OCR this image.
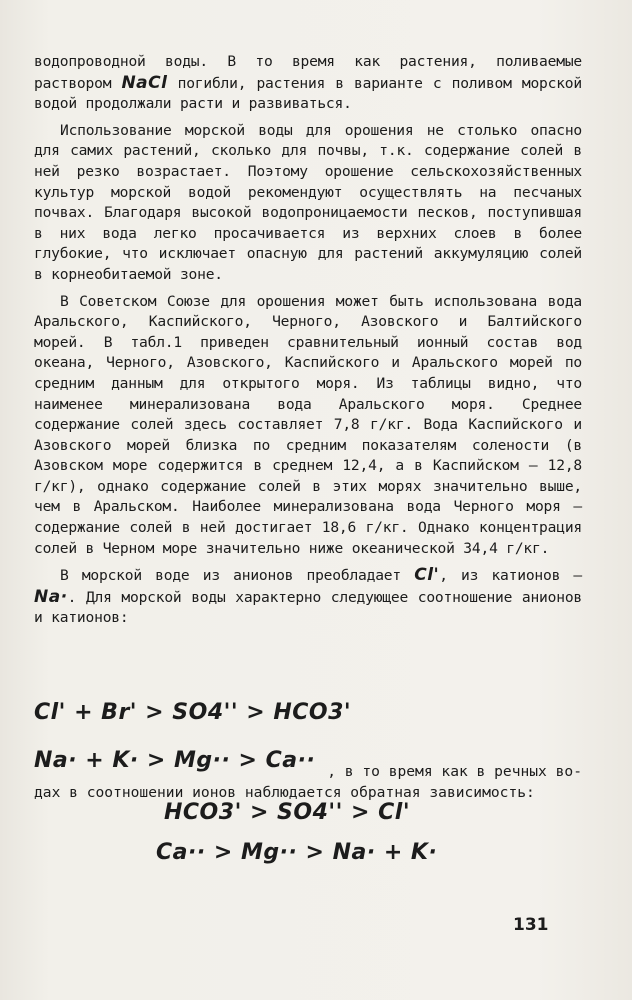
водопроводной воды. В то время как растения, поливаемые раствором NaCl погибли, растения в варианте с поливом морской водой продолжали расти и развиваться.

Использование морской воды для орошения не столько опасно для самих растений, сколько для почвы, т.к. содержание солей в ней резко возрастает. Поэтому орошение сельскохозяйственных культур морской водой рекомендуют осуществлять на песчаных почвах. Благодаря высокой водопроницаемости песков, поступившая в них вода легко просачивается из верхних слоев в более глубокие, что исключает опасную для растений аккумуляцию солей в корнеобитаемой зоне.

В Советском Союзе для орошения может быть использована вода Аральского, Каспийского, Черного, Азовского и Балтийского морей. В табл.1 приведен сравнительный ионный состав вод океана, Черного, Азовского, Каспийского и Аральского морей по средним данным для открытого моря. Из таблицы видно, что наименее минерализована вода Аральского моря. Среднее содержание солей здесь составляет 7,8 г/кг. Вода Каспийского и Азовского морей близка по средним показателям солености (в Азовском море содержится в среднем 12,4, а в Каспийском – 12,8 г/кг), однако содержание солей в этих морях значительно выше, чем в Аральском. Наиболее минерализована вода Черного моря – содержание солей в ней достигает 18,6 г/кг. Однако концентрация солей в Черном море значительно ниже океанической 34,4 г/кг.

В морской воде из анионов преобладает Cl', из катионов – Na·. Для морской воды характерно следующее соотношение анионов и катионов:

Cl' + Br' > SO4'' > HCO3'
Na· + K· > Mg·· > Ca·· , в то время как в речных во-
дах в соотношении ионов наблюдается обратная зависимость:
HCO3' > SO4'' > Cl'
Ca·· > Mg·· > Na· + K·
131
